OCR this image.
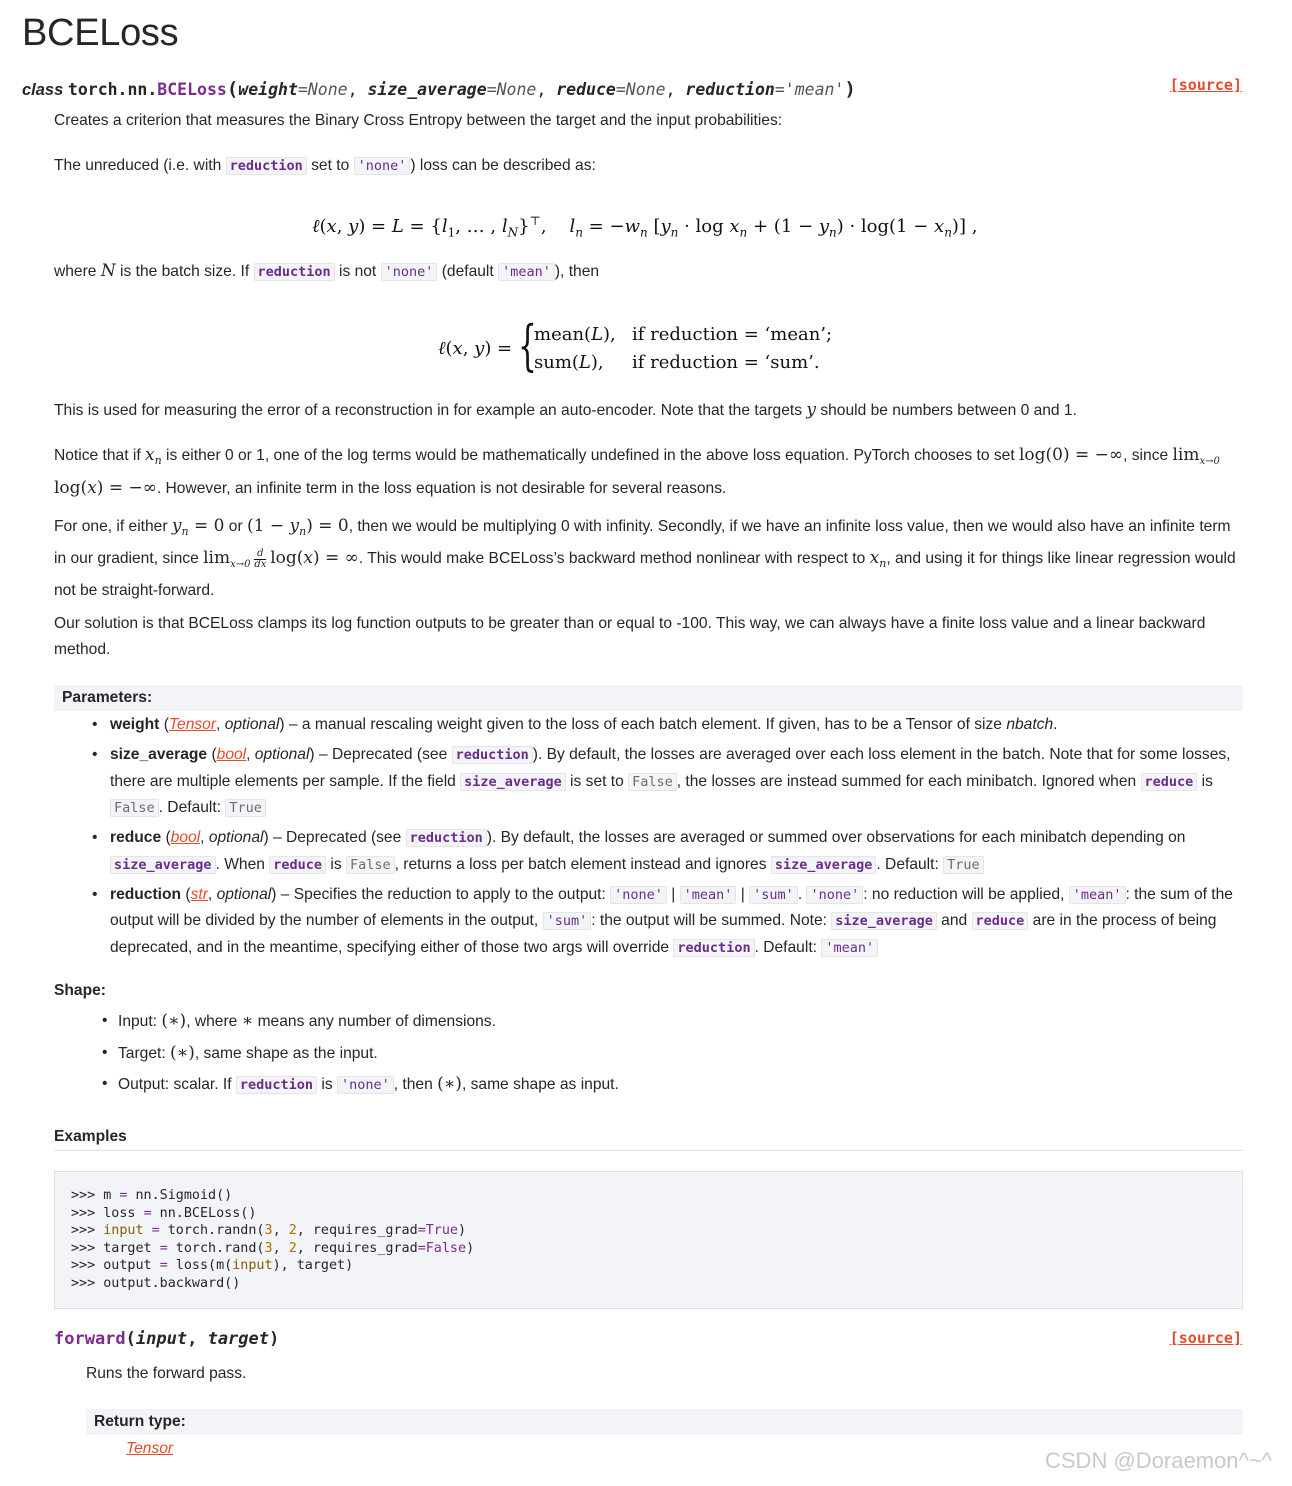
BCELoss
class torch.nn.BCELoss(weight=None, size_average=None, reduce=None, reduction='mean')	[source]

Creates a criterion that measures the Binary Cross Entropy between the target and the input probabilities:

The unreduced (i.e. with reduction set to 'none' ) loss can be described as:

ℓ(x, $y) = L = \{l_1$, … , $l_N\}^⊤$,    $l_n = -w_n$ $[y_n \cdot \log x_n + (1 - y_n) \cdot \log(1 - x_n)]$ ,

where N is the batch size. If reduction is not 'none' (default 'mean' ), then

ℓ(x, y) = {
mean(L), if reduction = ‘mean’;
sum(L), if reduction = ‘sum’.

This is used for measuring the error of a reconstruction in for example an auto-encoder. Note that the targets y should be numbers between 0 and 1.

Notice that if $x_n$ is either 0 or 1, one of the log terms would be mathematically undefined in the above loss equation. PyTorch chooses to set log(0) = −∞, since $\lim_{x\to 0} \log(x)$ = −∞. However, an infinite term in the loss equation is not desirable for several reasons.

For one, if either $y_n = 0$ or $(1 - y_n) = 0$, then we would be multiplying 0 with infinity. Secondly, if we have an infinite loss value, then we would also have an infinite term in our gradient, since $\lim_{x\to 0} \frac{d}{dx} \log(x)$ = ∞. This would make BCELoss’s backward method nonlinear with respect to $x_n$, and using it for things like linear regression would not be straight-forward.

Our solution is that BCELoss clamps its log function outputs to be greater than or equal to -100. This way, we can always have a finite loss value and a linear backward method.

Parameters:
• weight (Tensor, optional) – a manual rescaling weight given to the loss of each batch element. If given, has to be a Tensor of size nbatch.
• size_average (bool, optional) – Deprecated (see reduction ). By default, the losses are averaged over each loss element in the batch. Note that for some losses, there are multiple elements per sample. If the field size_average is set to False , the losses are instead summed for each minibatch. Ignored when reduce is False . Default: True
• reduce (bool, optional) – Deprecated (see reduction ). By default, the losses are averaged or summed over observations for each minibatch depending on size_average . When reduce is False , returns a loss per batch element instead and ignores size_average . Default: True
• reduction (str, optional) – Specifies the reduction to apply to the output: 'none' | 'mean' | 'sum' . 'none' : no reduction will be applied, 'mean' : the sum of the output will be divided by the number of elements in the output, 'sum' : the output will be summed. Note: size_average and reduce are in the process of being deprecated, and in the meantime, specifying either of those two args will override reduction . Default: 'mean'
Shape:
• Input: (∗), where ∗ means any number of dimensions.
• Target: (∗), same shape as the input.
• Output: scalar. If reduction is 'none' , then (∗), same shape as input.
Examples
>>> m = nn.Sigmoid()
>>> loss = nn.BCELoss()
>>> input = torch.randn(3, 2, requires_grad=True)
>>> target = torch.rand(3, 2, requires_grad=False)
>>> output = loss(m(input), target)
>>> output.backward()
forward(input, target)	[source]

Runs the forward pass.

Return type:
Tensor	CSDN @Doraemon^~^
